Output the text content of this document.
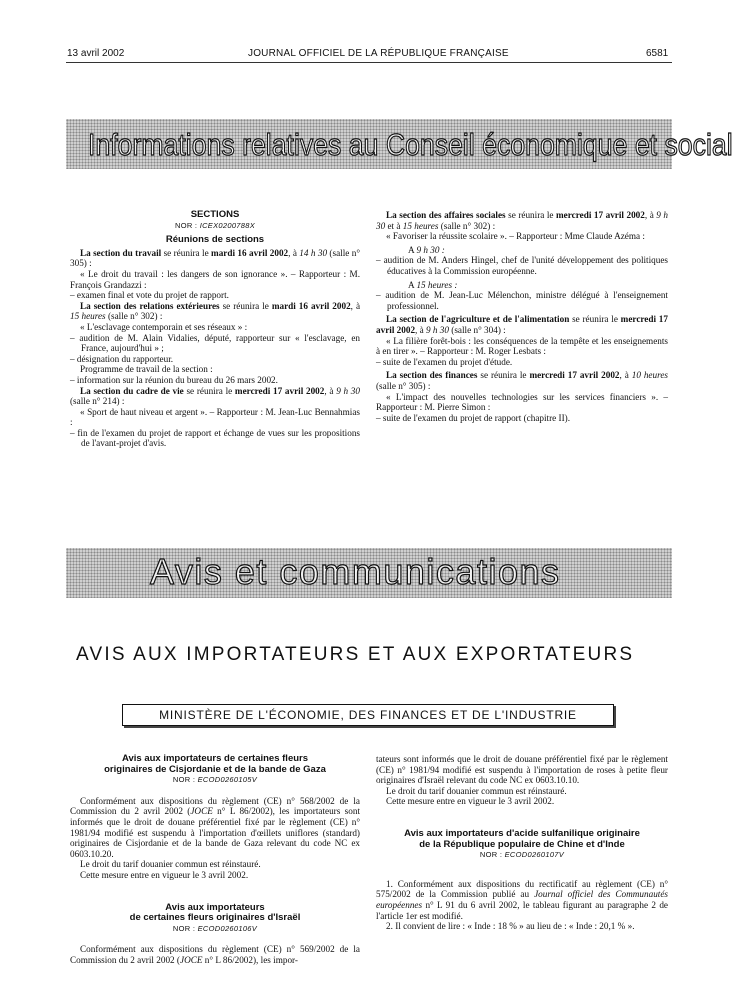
13 avril 2002	JOURNAL OFFICIEL DE LA RÉPUBLIQUE FRANÇAISE	6581
Informations relatives au Conseil économique et social

SECTIONS

NOR : ICEX0200788X

Réunions de sections

La section du travail se réunira le mardi 16 avril 2002, à 14 h 30 (salle n° 305) :

« Le droit du travail : les dangers de son ignorance ». – Rapporteur : M. François Grandazzi :

– examen final et vote du projet de rapport.

La section des relations extérieures se réunira le mardi 16 avril 2002, à 15 heures (salle n° 302) :

« L'esclavage contemporain et ses réseaux » :

– audition de M. Alain Vidalies, député, rapporteur sur « l'esclavage, en France, aujourd'hui » ;

– désignation du rapporteur.

Programme de travail de la section :

– information sur la réunion du bureau du 26 mars 2002.

La section du cadre de vie se réunira le mercredi 17 avril 2002, à 9 h 30 (salle n° 214) :

« Sport de haut niveau et argent ». – Rapporteur : M. Jean-Luc Bennahmias :

– fin de l'examen du projet de rapport et échange de vues sur les propositions de l'avant-projet d'avis.

La section des affaires sociales se réunira le mercredi 17 avril 2002, à 9 h 30 et à 15 heures (salle n° 302) :

« Favoriser la réussite scolaire ». – Rapporteur : Mme Claude Azéma :

A 9 h 30 :

– audition de M. Anders Hingel, chef de l'unité développement des politiques éducatives à la Commission européenne.

A 15 heures :

– audition de M. Jean-Luc Mélenchon, ministre délégué à l'enseignement professionnel.

La section de l'agriculture et de l'alimentation se réunira le mercredi 17 avril 2002, à 9 h 30 (salle n° 304) :

« La filière forêt-bois : les conséquences de la tempête et les enseignements à en tirer ». – Rapporteur : M. Roger Lesbats :

– suite de l'examen du projet d'étude.

La section des finances se réunira le mercredi 17 avril 2002, à 10 heures (salle n° 305) :

« L'impact des nouvelles technologies sur les services financiers ». – Rapporteur : M. Pierre Simon :

– suite de l'examen du projet de rapport (chapitre II).

Avis et communications
AVIS AUX IMPORTATEURS ET AUX EXPORTATEURS
MINISTÈRE DE L'ÉCONOMIE, DES FINANCES ET DE L'INDUSTRIE

Avis aux importateurs de certaines fleurs

originaires de Cisjordanie et de la bande de Gaza

NOR : ECOD0260105V

Conformément aux dispositions du règlement (CE) n° 568/2002 de la Commission du 2 avril 2002 (JOCE n° L 86/2002), les importateurs sont informés que le droit de douane préférentiel fixé par le règlement (CE) n° 1981/94 modifié est suspendu à l'importation d'œillets uniflores (standard) originaires de Cisjordanie et de la bande de Gaza relevant du code NC ex 0603.10.20.

Le droit du tarif douanier commun est réinstauré.

Cette mesure entre en vigueur le 3 avril 2002.

Avis aux importateurs

de certaines fleurs originaires d'Israël

NOR : ECOD0260106V

Conformément aux dispositions du règlement (CE) n° 569/2002 de la Commission du 2 avril 2002 (JOCE n° L 86/2002), les impor-

tateurs sont informés que le droit de douane préférentiel fixé par le règlement (CE) n° 1981/94 modifié est suspendu à l'importation de roses à petite fleur originaires d'Israël relevant du code NC ex 0603.10.10.

Le droit du tarif douanier commun est réinstauré.

Cette mesure entre en vigueur le 3 avril 2002.

Avis aux importateurs d'acide sulfanilique originaire

de la République populaire de Chine et d'Inde

NOR : ECOD0260107V

1. Conformément aux dispositions du rectificatif au règlement (CE) n° 575/2002 de la Commission publié au Journal officiel des Communautés européennes n° L 91 du 6 avril 2002, le tableau figurant au paragraphe 2 de l'article 1er est modifié.

2. Il convient de lire : « Inde : 18 % » au lieu de : « Inde : 20,1 % ».
